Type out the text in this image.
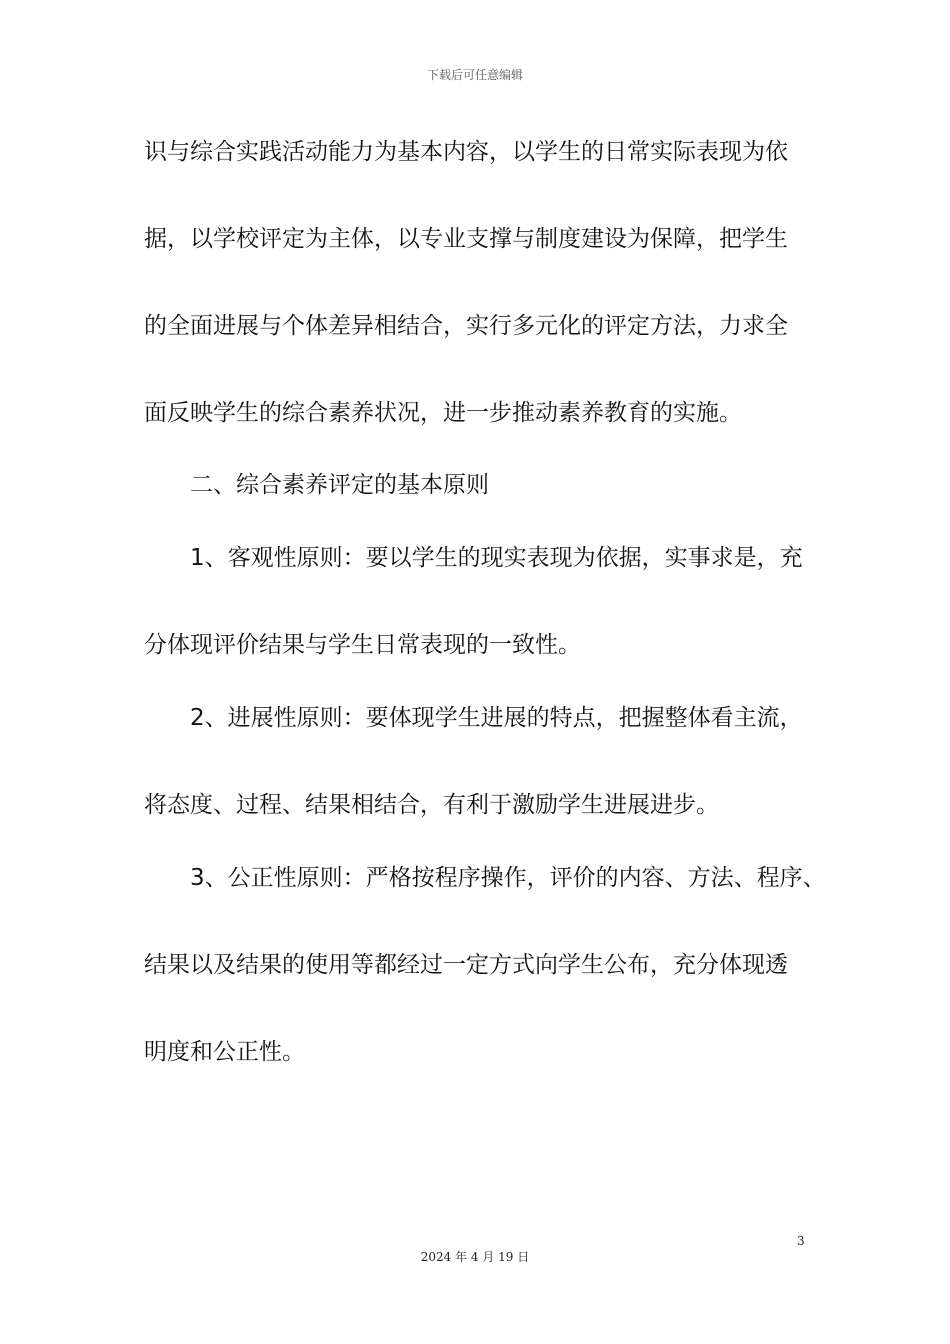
下载后可任意编辑
识与综合实践活动能力为基本内容，以学生的日常实际表现为依
据，以学校评定为主体，以专业支撑与制度建设为保障，把学生
的全面进展与个体差异相结合，实行多元化的评定方法，力求全
面反映学生的综合素养状况，进一步推动素养教育的实施。
二、综合素养评定的基本原则
1、客观性原则：要以学生的现实表现为依据，实事求是，充
分体现评价结果与学生日常表现的一致性。
2、进展性原则：要体现学生进展的特点，把握整体看主流，
将态度、过程、结果相结合，有利于激励学生进展进步。
3、公正性原则：严格按程序操作，评价的内容、方法、程序、
结果以及结果的使用等都经过一定方式向学生公布，充分体现透
明度和公正性。
3
2024 年 4 月 19 日
